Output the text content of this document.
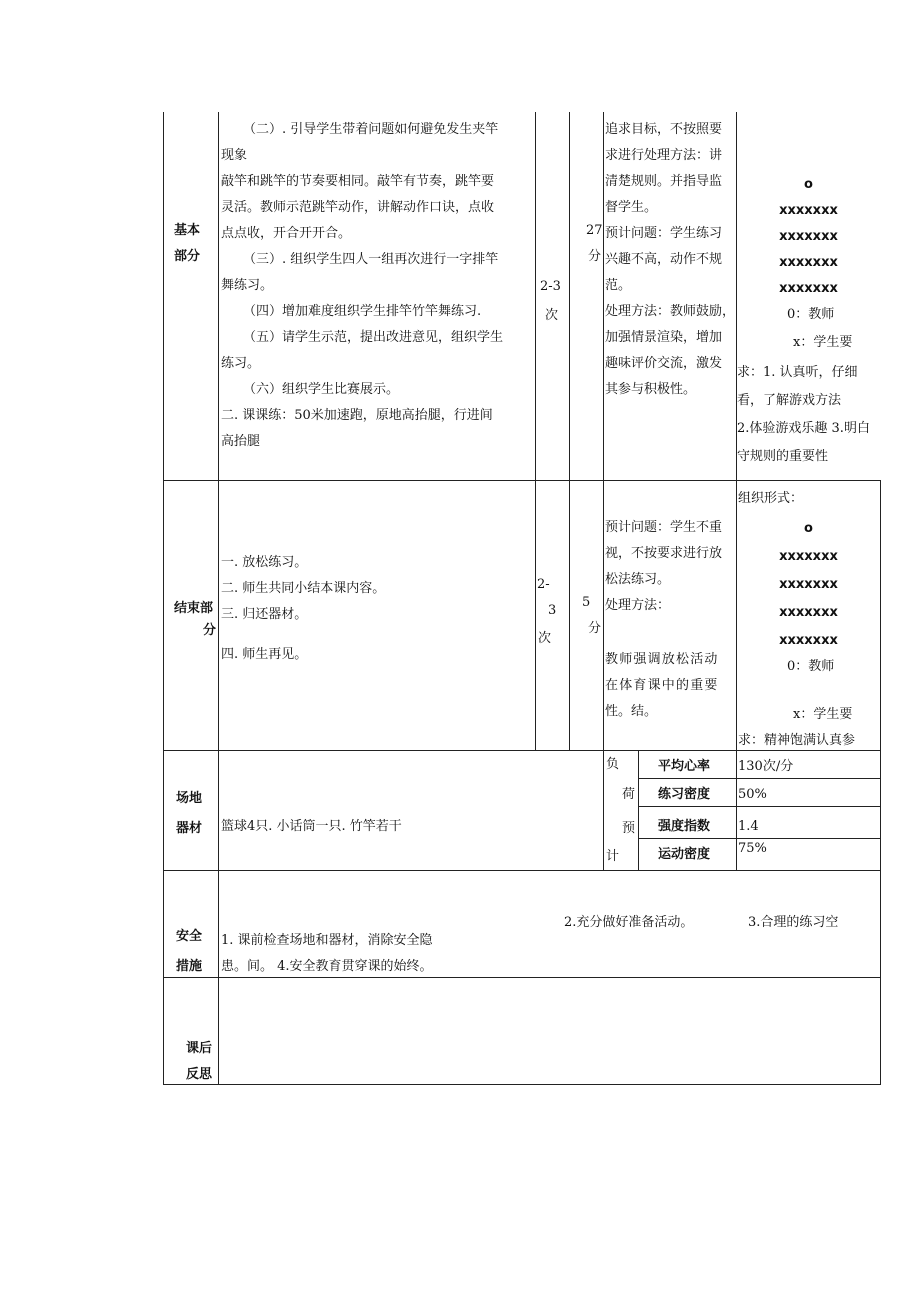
基本
部分
（二）. 引导学生带着问题如何避免发生夹竿
现象
敲竿和跳竿的节奏要相同。敲竿有节奏，跳竿要
灵活。教师示范跳竿动作，讲解动作口诀，点收
点点收，开合开开合。
（三）. 组织学生四人一组再次进行一字排竿
舞练习。
（四）增加难度组织学生排竿竹竿舞练习.
（五）请学生示范，提出改进意见，组织学生
练习。
（六）组织学生比赛展示。
二. 课课练：50米加速跑，原地高抬腿，行进间
高抬腿
2-3
次
27
分
追求目标，不按照要
求进行处理方法：讲
清楚规则。并指导监
督学生。
预计问题：学生练习
兴趣不高，动作不规
范。
处理方法：教师鼓励，
加强情景渲染，增加
趣味评价交流，激发
其参与积极性。
o
xxxxxxx
xxxxxxx
xxxxxxx
xxxxxxx
0：教师
x：学生要
求：1. 认真听，仔细
看，了解游戏方法
2.体验游戏乐趣 3.明白
守规则的重要性
结束部
分
一. 放松练习。
二. 师生共同小结本课内容。
三. 归还器材。
四. 师生再见。
2-
3
次
5
分
预计问题：学生不重
视，不按要求进行放
松法练习。
处理方法：
教师强调放松活动
在体育课中的重要
性。结。
组织形式：
o
xxxxxxx
xxxxxxx
xxxxxxx
xxxxxxx
0：教师
x：学生要
求：精神饱满认真参
场地
器材 篮球4只. 小话筒一只. 竹竿若干
负
荷
预
计
平均心率 130次/分
练习密度 50%
强度指数 1.4
运动密度 75%
安全
措施
2.充分做好准备活动。	3.合理的练习空
1. 课前检查场地和器材，消除安全隐
患。间。 4.安全教育贯穿课的始终。
课后
反思
